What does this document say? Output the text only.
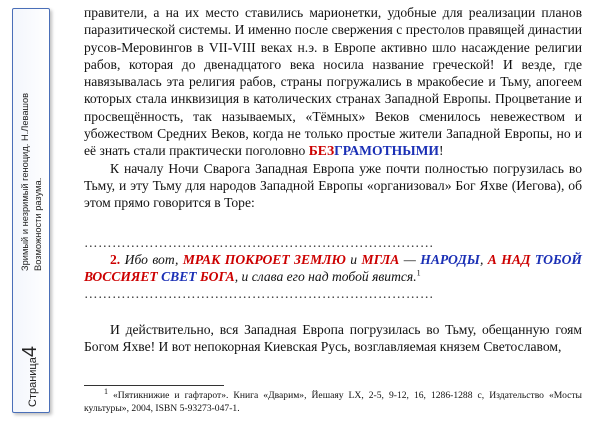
Страница4
Зримый и незримый геноцид. Н.Левашов Возможности разума.

правители, а на их место ставились марионетки, удобные для реализации планов паразитической системы. И именно после свержения с престолов правящей династии русов-Меровингов в VII-VIII веках н.э. в Европе активно шло насаждение религии рабов, которая до двенадцатого века носила название греческой! И везде, где навязывалась эта религия рабов, страны погружались в мракобесие и Тьму, апогеем которых стала инквизиция в католических странах Западной Европы. Процветание и просвещённость, так называемых, «Тёмных» Веков сменилось невежеством и убожеством Средних Веков, когда не только простые жители Западной Европы, но и её знать стали практически поголовно БЕЗГРАМОТНЫМИ!

К началу Ночи Сварога Западная Европа уже почти полностью погрузилась во Тьму, и эту Тьму для народов Западной Европы «организовал» Бог Яхве (Иегова), об этом прямо говорится в Торе:

…………………………………………………………………

2. Ибо вот, МРАК ПОКРОЕТ ЗЕМЛЮ и МГЛА — НАРОДЫ, А НАД ТОБОЙ ВОССИЯЕТ СВЕТ БОГА, и слава его над тобой явится.$^1$

…………………………………………………………………

И действительно, вся Западная Европа погрузилась во Тьму, обещанную гоям Богом Яхве! И вот непокорная Киевская Русь, возглавляемая князем Светославом,

$^1$ «Пятикнижие и гафтарот». Книга «Дварим», Йешаяу LX, 2-5, 9-12, 16, 1286-1288 с, Издательство «Мосты культуры», 2004, ISBN 5-93273-047-1.
